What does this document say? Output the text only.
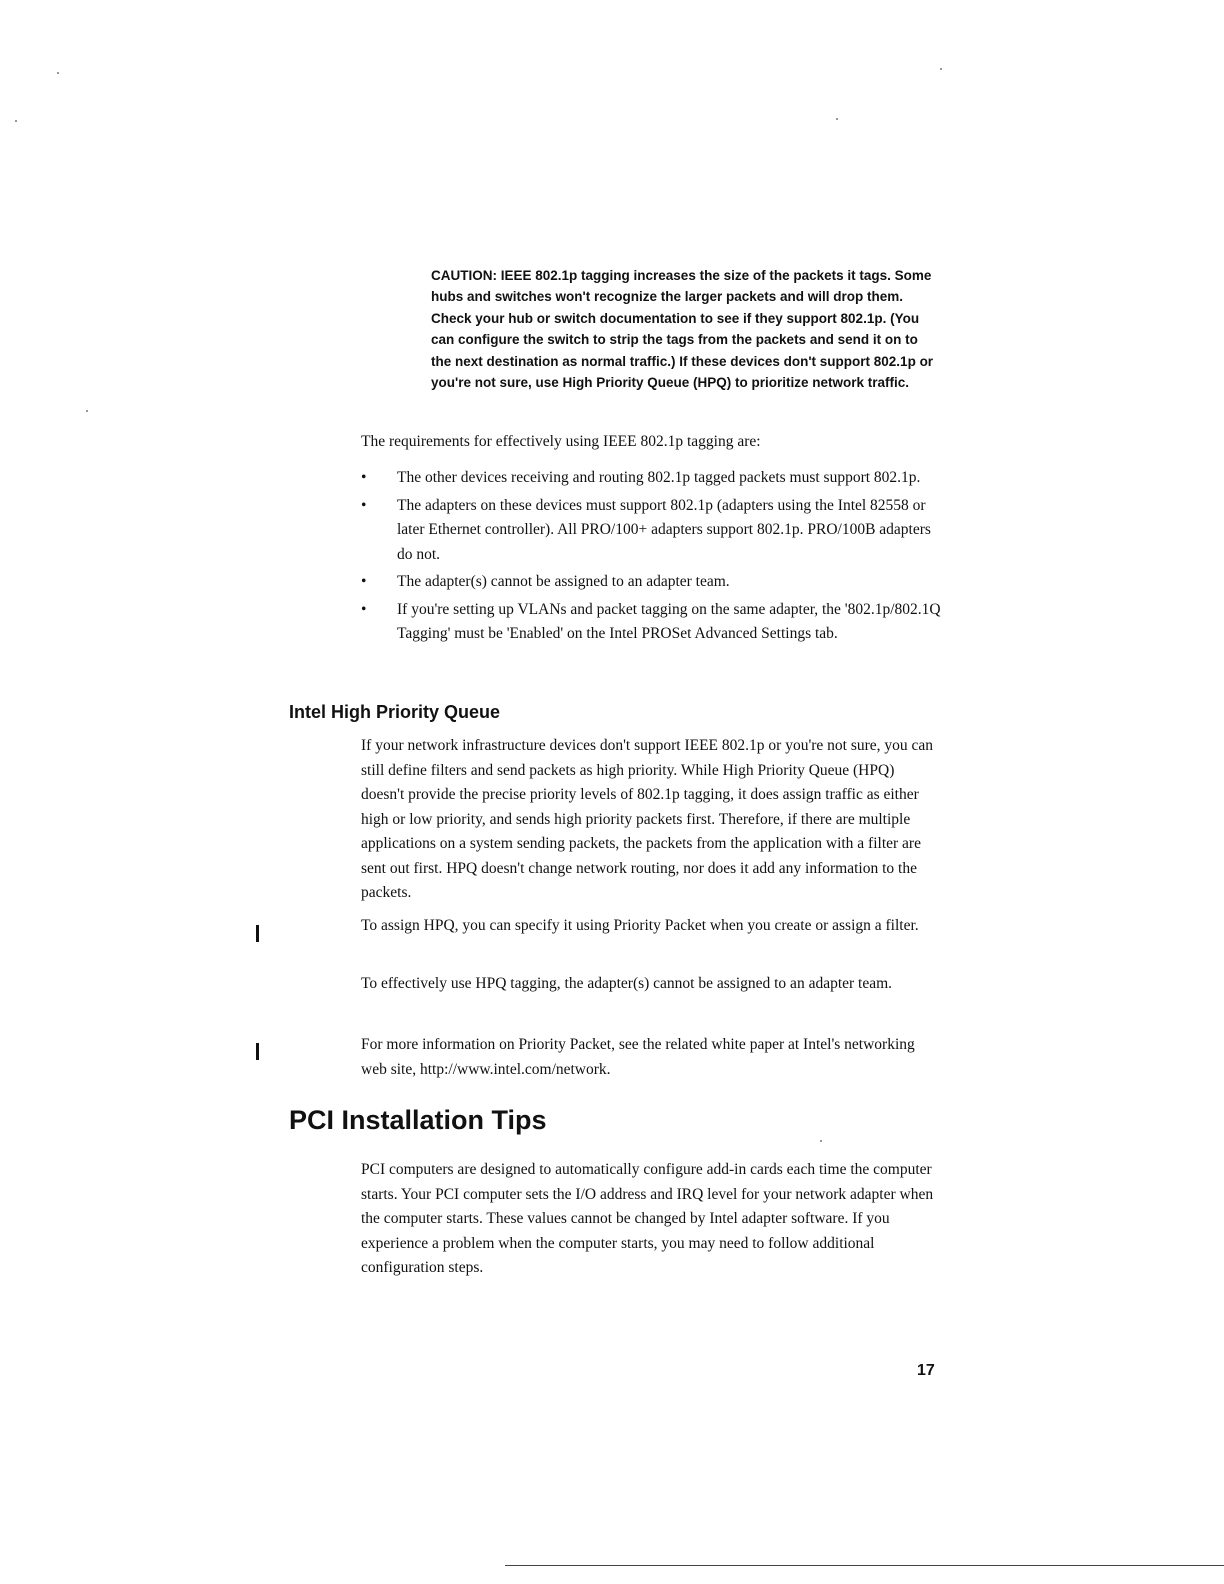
CAUTION: IEEE 802.1p tagging increases the size of the packets it tags. Some hubs and switches won't recognize the larger packets and will drop them. Check your hub or switch documentation to see if they support 802.1p. (You can configure the switch to strip the tags from the packets and send it on to the next destination as normal traffic.) If these devices don't support 802.1p or you're not sure, use High Priority Queue (HPQ) to prioritize network traffic.
The requirements for effectively using IEEE 802.1p tagging are:
• The other devices receiving and routing 802.1p tagged packets must support 802.1p.
• The adapters on these devices must support 802.1p (adapters using the Intel 82558 or later Ethernet controller). All PRO/100+ adapters support 802.1p. PRO/100B adapters do not.
• The adapter(s) cannot be assigned to an adapter team.
• If you're setting up VLANs and packet tagging on the same adapter, the '802.1p/802.1Q Tagging' must be 'Enabled' on the Intel PROSet Advanced Settings tab.
Intel High Priority Queue

If your network infrastructure devices don't support IEEE 802.1p or you're not sure, you can still define filters and send packets as high priority. While High Priority Queue (HPQ) doesn't provide the precise priority levels of 802.1p tagging, it does assign traffic as either high or low priority, and sends high priority packets first. Therefore, if there are multiple applications on a system sending packets, the packets from the application with a filter are sent out first. HPQ doesn't change network routing, nor does it add any information to the packets.

To assign HPQ, you can specify it using Priority Packet when you create or assign a filter.

To effectively use HPQ tagging, the adapter(s) cannot be assigned to an adapter team.

For more information on Priority Packet, see the related white paper at Intel's networking web site, http://www.intel.com/network.

PCI Installation Tips

PCI computers are designed to automatically configure add-in cards each time the computer starts. Your PCI computer sets the I/O address and IRQ level for your network adapter when the computer starts. These values cannot be changed by Intel adapter software. If you experience a problem when the computer starts, you may need to follow additional configuration steps.

17
